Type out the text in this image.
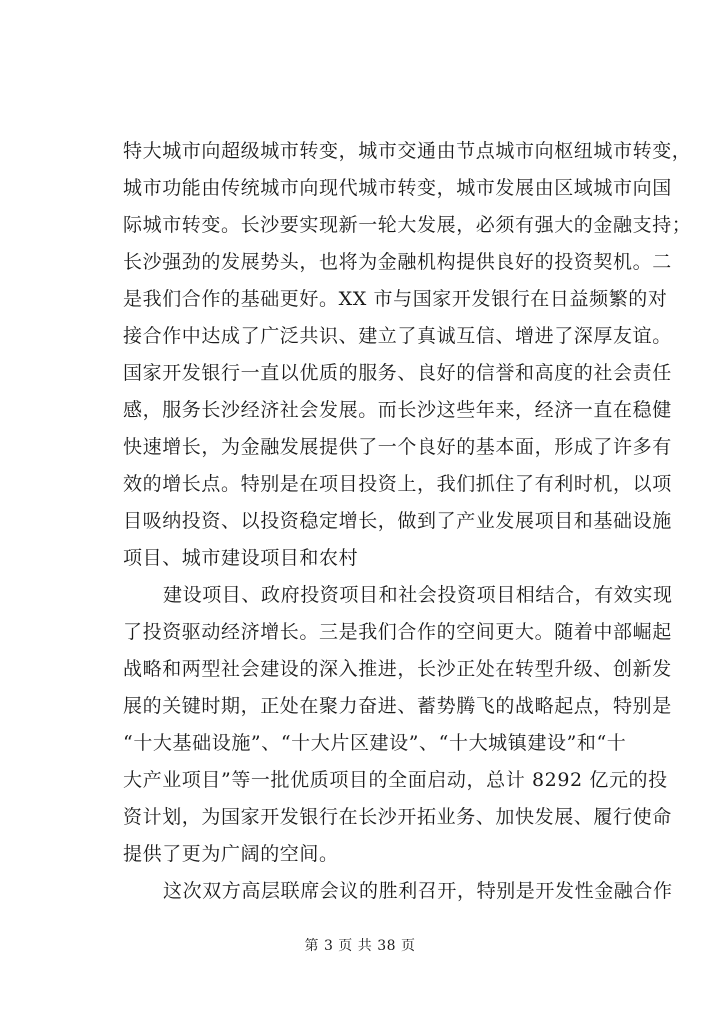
特大城市向超级城市转变，城市交通由节点城市向枢纽城市转变，
城市功能由传统城市向现代城市转变，城市发展由区域城市向国
际城市转变。长沙要实现新一轮大发展，必须有强大的金融支持；
长沙强劲的发展势头，也将为金融机构提供良好的投资契机。二
是我们合作的基础更好。XX 市与国家开发银行在日益频繁的对
接合作中达成了广泛共识、建立了真诚互信、增进了深厚友谊。
国家开发银行一直以优质的服务、良好的信誉和高度的社会责任
感，服务长沙经济社会发展。而长沙这些年来，经济一直在稳健
快速增长，为金融发展提供了一个良好的基本面，形成了许多有
效的增长点。特别是在项目投资上，我们抓住了有利时机，以项
目吸纳投资、以投资稳定增长，做到了产业发展项目和基础设施
项目、城市建设项目和农村
建设项目、政府投资项目和社会投资项目相结合，有效实现
了投资驱动经济增长。三是我们合作的空间更大。随着中部崛起
战略和两型社会建设的深入推进，长沙正处在转型升级、创新发
展的关键时期，正处在聚力奋进、蓄势腾飞的战略起点，特别是
“十大基础设施”、“十大片区建设”、“十大城镇建设”和“十
大产业项目”等一批优质项目的全面启动，总计 8292 亿元的投
资计划，为国家开发银行在长沙开拓业务、加快发展、履行使命
提供了更为广阔的空间。
这次双方高层联席会议的胜利召开，特别是开发性金融合作
第 3 页 共 38 页
